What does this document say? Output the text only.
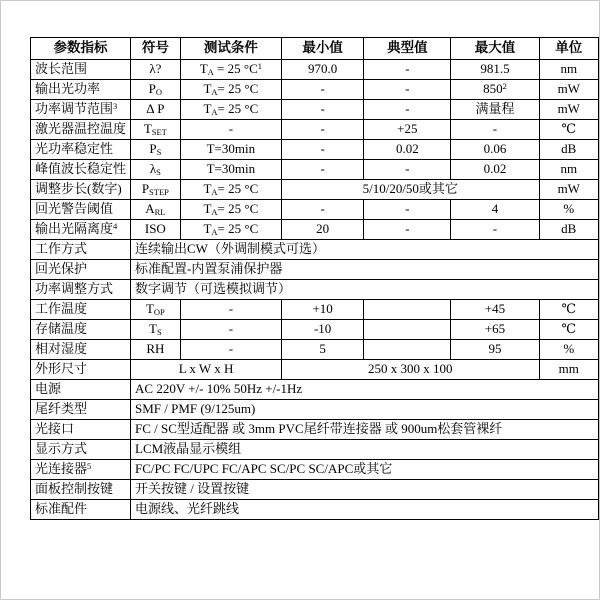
参数指标	符号	测试条件	最小值	典型值	最大值	单位
波长范围	λ?	$T_A = 25$ $^\circ C^1$	970.0	-	981.5	nm
输出光功率	$P_O$	$T_A= 25$ °C	-	-	$850^2$	mW
功率调节范围$^3$	Δ P	$T_A= 25$ °C	-	-	满量程	mW
激光器温控温度	$T_{SET}$	-	-	+25	-	℃
光功率稳定性	$P_S$	T=30min	-	0.02	0.06	dB
峰值波长稳定性	$\lambda_S$	T=30min	-	-	0.02	nm
调整步长(数字)	$P_{STEP}$	$T_A= 25$ °C	5/10/20/50或其它			mW
回光警告阈值	$A_{RL}$	$T_A= 25$ °C	-	-	4	%
输出光隔离度$^4$	ISO	$T_A= 25$ °C	20	-	-	dB
工作方式	连续输出CW（外调制模式可选）					
回光保护	标准配置-内置泵浦保护器					
功率调整方式	数字调节（可选模拟调节）					
工作温度	$T_{OP}$	-	+10		+45	℃
存储温度	$T_S$	-	-10		+65	℃
相对湿度	RH	-	5		95	%
外形尺寸	L x W x H		250 x 300 x 100			mm
电源	AC 220V +/- 10% 50Hz +/-1Hz					
尾纤类型	SMF / PMF (9/125um)					
光接口	FC / SC型适配器 或 3mm PVC尾纤带连接器 或 900um松套管裸纤					
显示方式	LCM液晶显示模组					
光连接器$^5$	FC/PC FC/UPC FC/APC SC/PC SC/APC或其它					
面板控制按键	开关按键 / 设置按键					
标准配件	电源线、光纤跳线					
